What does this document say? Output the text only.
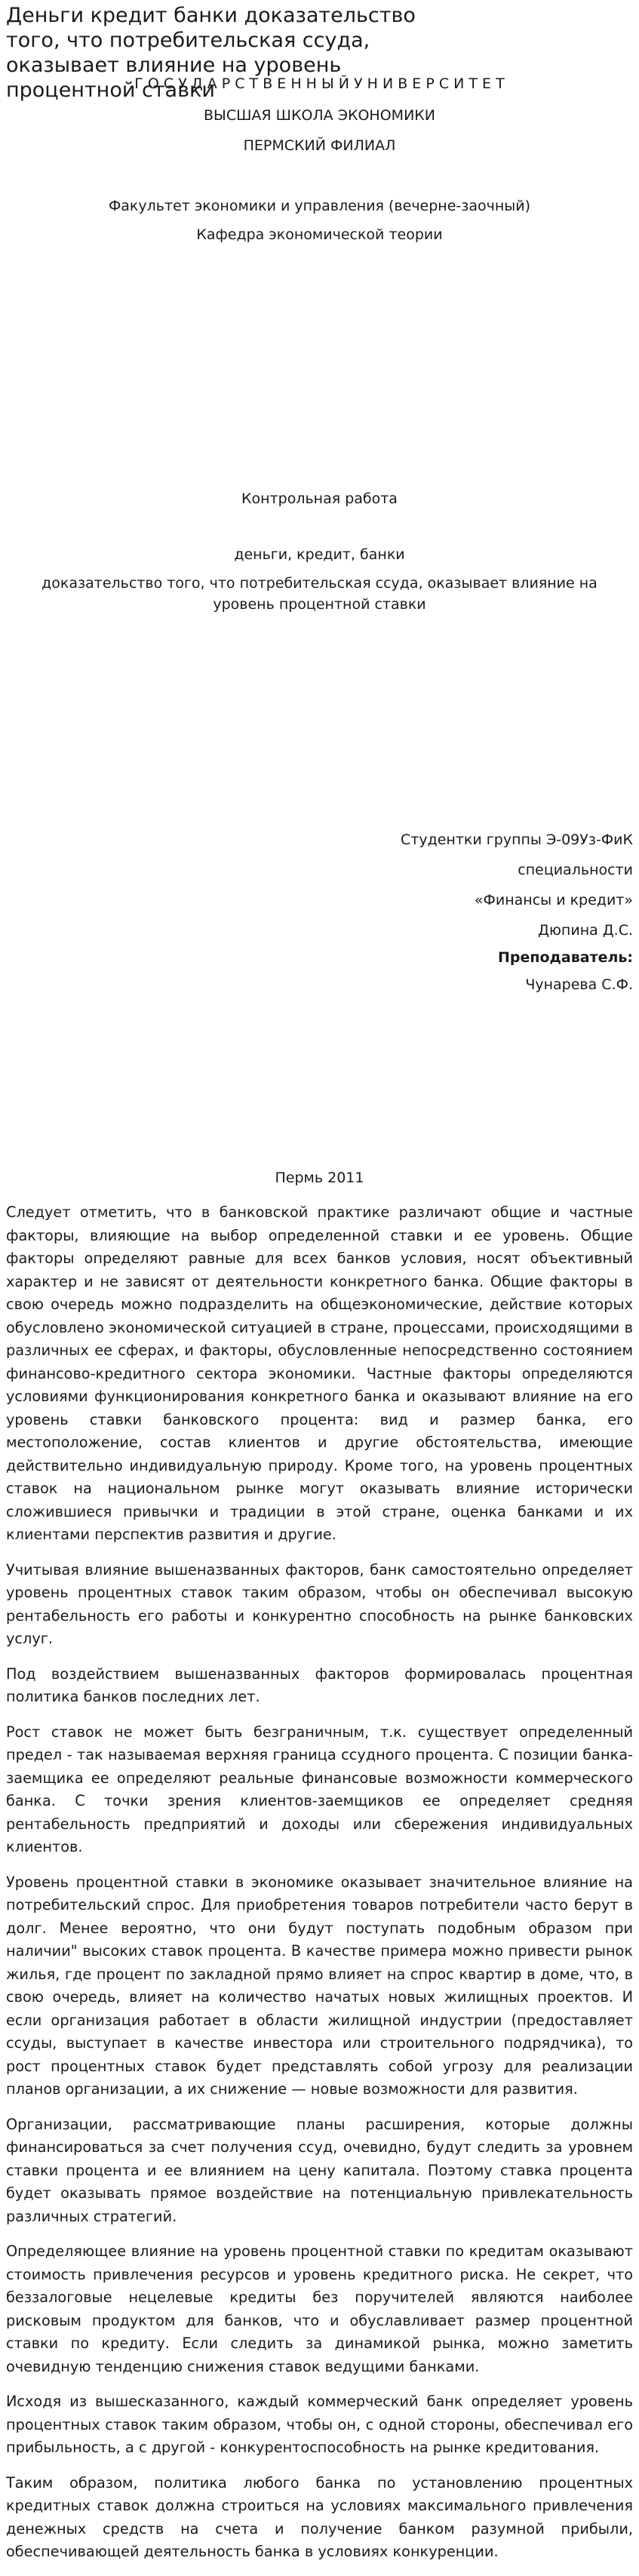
Деньги кредит банки доказательство того, что потребительская ссуда, оказывает влияние на уровень процентной ставки
Г О С У Д А Р С Т В Е Н Н Ы Й У Н И В Е Р С И Т Е Т
ВЫСШАЯ ШКОЛА ЭКОНОМИКИ
ПЕРМСКИЙ ФИЛИАЛ
Факультет экономики и управления (вечерне-заочный)
Кафедра экономической теории
Контрольная работа
деньги, кредит, банки
доказательство того, что потребительская ссуда, оказывает влияние на
уровень процентной ставки
Студентки группы Э-09Уз-ФиК
специальности
«Финансы и кредит»
Дюпина Д.С.
Преподаватель:
Чунарева С.Ф.
Пермь 2011

Следует отметить, что в банковской практике различают общие и частные факторы, влияющие на выбор определенной ставки и ее уровень. Общие факторы определяют равные для всех банков условия, носят объективный характер и не зависят от деятельности конкретного банка. Общие факторы в свою очередь можно подразделить на общеэкономические, действие которых обусловлено экономической ситуацией в стране, процессами, происходящими в различных ее сферах, и факторы, обусловленные непосредственно состоянием финансово-кредитного сектора экономики. Частные факторы определяются условиями функционирования конкретного банка и оказывают влияние на его уровень ставки банковского процента: вид и размер банка, его местоположение, состав клиентов и другие обстоятельства, имеющие действительно индивидуальную природу. Кроме того, на уровень процентных ставок на национальном рынке могут оказывать влияние исторически сложившиеся привычки и традиции в этой стране, оценка банками и их клиентами перспектив развития и другие.

Учитывая влияние вышеназванных факторов, банк самостоятельно определяет уровень процентных ставок таким образом, чтобы он обеспечивал высокую рентабельность его работы и конкурентно способность на рынке банковских услуг.

Под воздействием вышеназванных факторов формировалась процентная политика банков последних лет.

Рост ставок не может быть безграничным, т.к. существует определенный предел - так называемая верхняя граница ссудного процента. С позиции банка-заемщика ее определяют реальные финансовые возможности коммерческого банка. С точки зрения клиентов-заемщиков ее определяет средняя рентабельность предприятий и доходы или сбережения индивидуальных клиентов.

Уровень процентной ставки в экономике оказывает значительное влияние на потребительский спрос. Для приобретения товаров потребители часто берут в долг. Менее вероятно, что они будут поступать подобным образом при наличии" высоких ставок процента. В качестве примера можно привести рынок жилья, где процент по закладной прямо влияет на спрос квартир в доме, что, в свою очередь, влияет на количество начатых новых жилищных проектов. И если организация работает в области жилищной индустрии (предоставляет ссуды, выступает в качестве инвестора или строительного подрядчика), то рост процентных ставок будет представлять собой угрозу для реализации планов организации, а их снижение — новые возможности для развития.

Организации, рассматривающие планы расширения, которые должны финансироваться за счет получения ссуд, очевидно, будут следить за уровнем ставки процента и ее влиянием на цену капитала. Поэтому ставка процента будет оказывать прямое воздействие на потенциальную привлекательность различных стратегий.

Определяющее влияние на уровень процентной ставки по кредитам оказывают стоимость привлечения ресурсов и уровень кредитного риска. Не секрет, что беззалоговые нецелевые кредиты без поручителей являются наиболее рисковым продуктом для банков, что и обуславливает размер процентной ставки по кредиту. Если следить за динамикой рынка, можно заметить очевидную тенденцию снижения ставок ведущими банками.

Исходя из вышесказанного, каждый коммерческий банк определяет уровень процентных ставок таким образом, чтобы он, с одной стороны, обеспечивал его прибыльность, а с другой - конкурентоспособность на рынке кредитования.

Таким образом, политика любого банка по установлению процентных кредитных ставок должна строиться на условиях максимального привлечения денежных средств на счета и получение банком разумной прибыли, обеспечивающей деятельность банка в условиях конкуренции.
